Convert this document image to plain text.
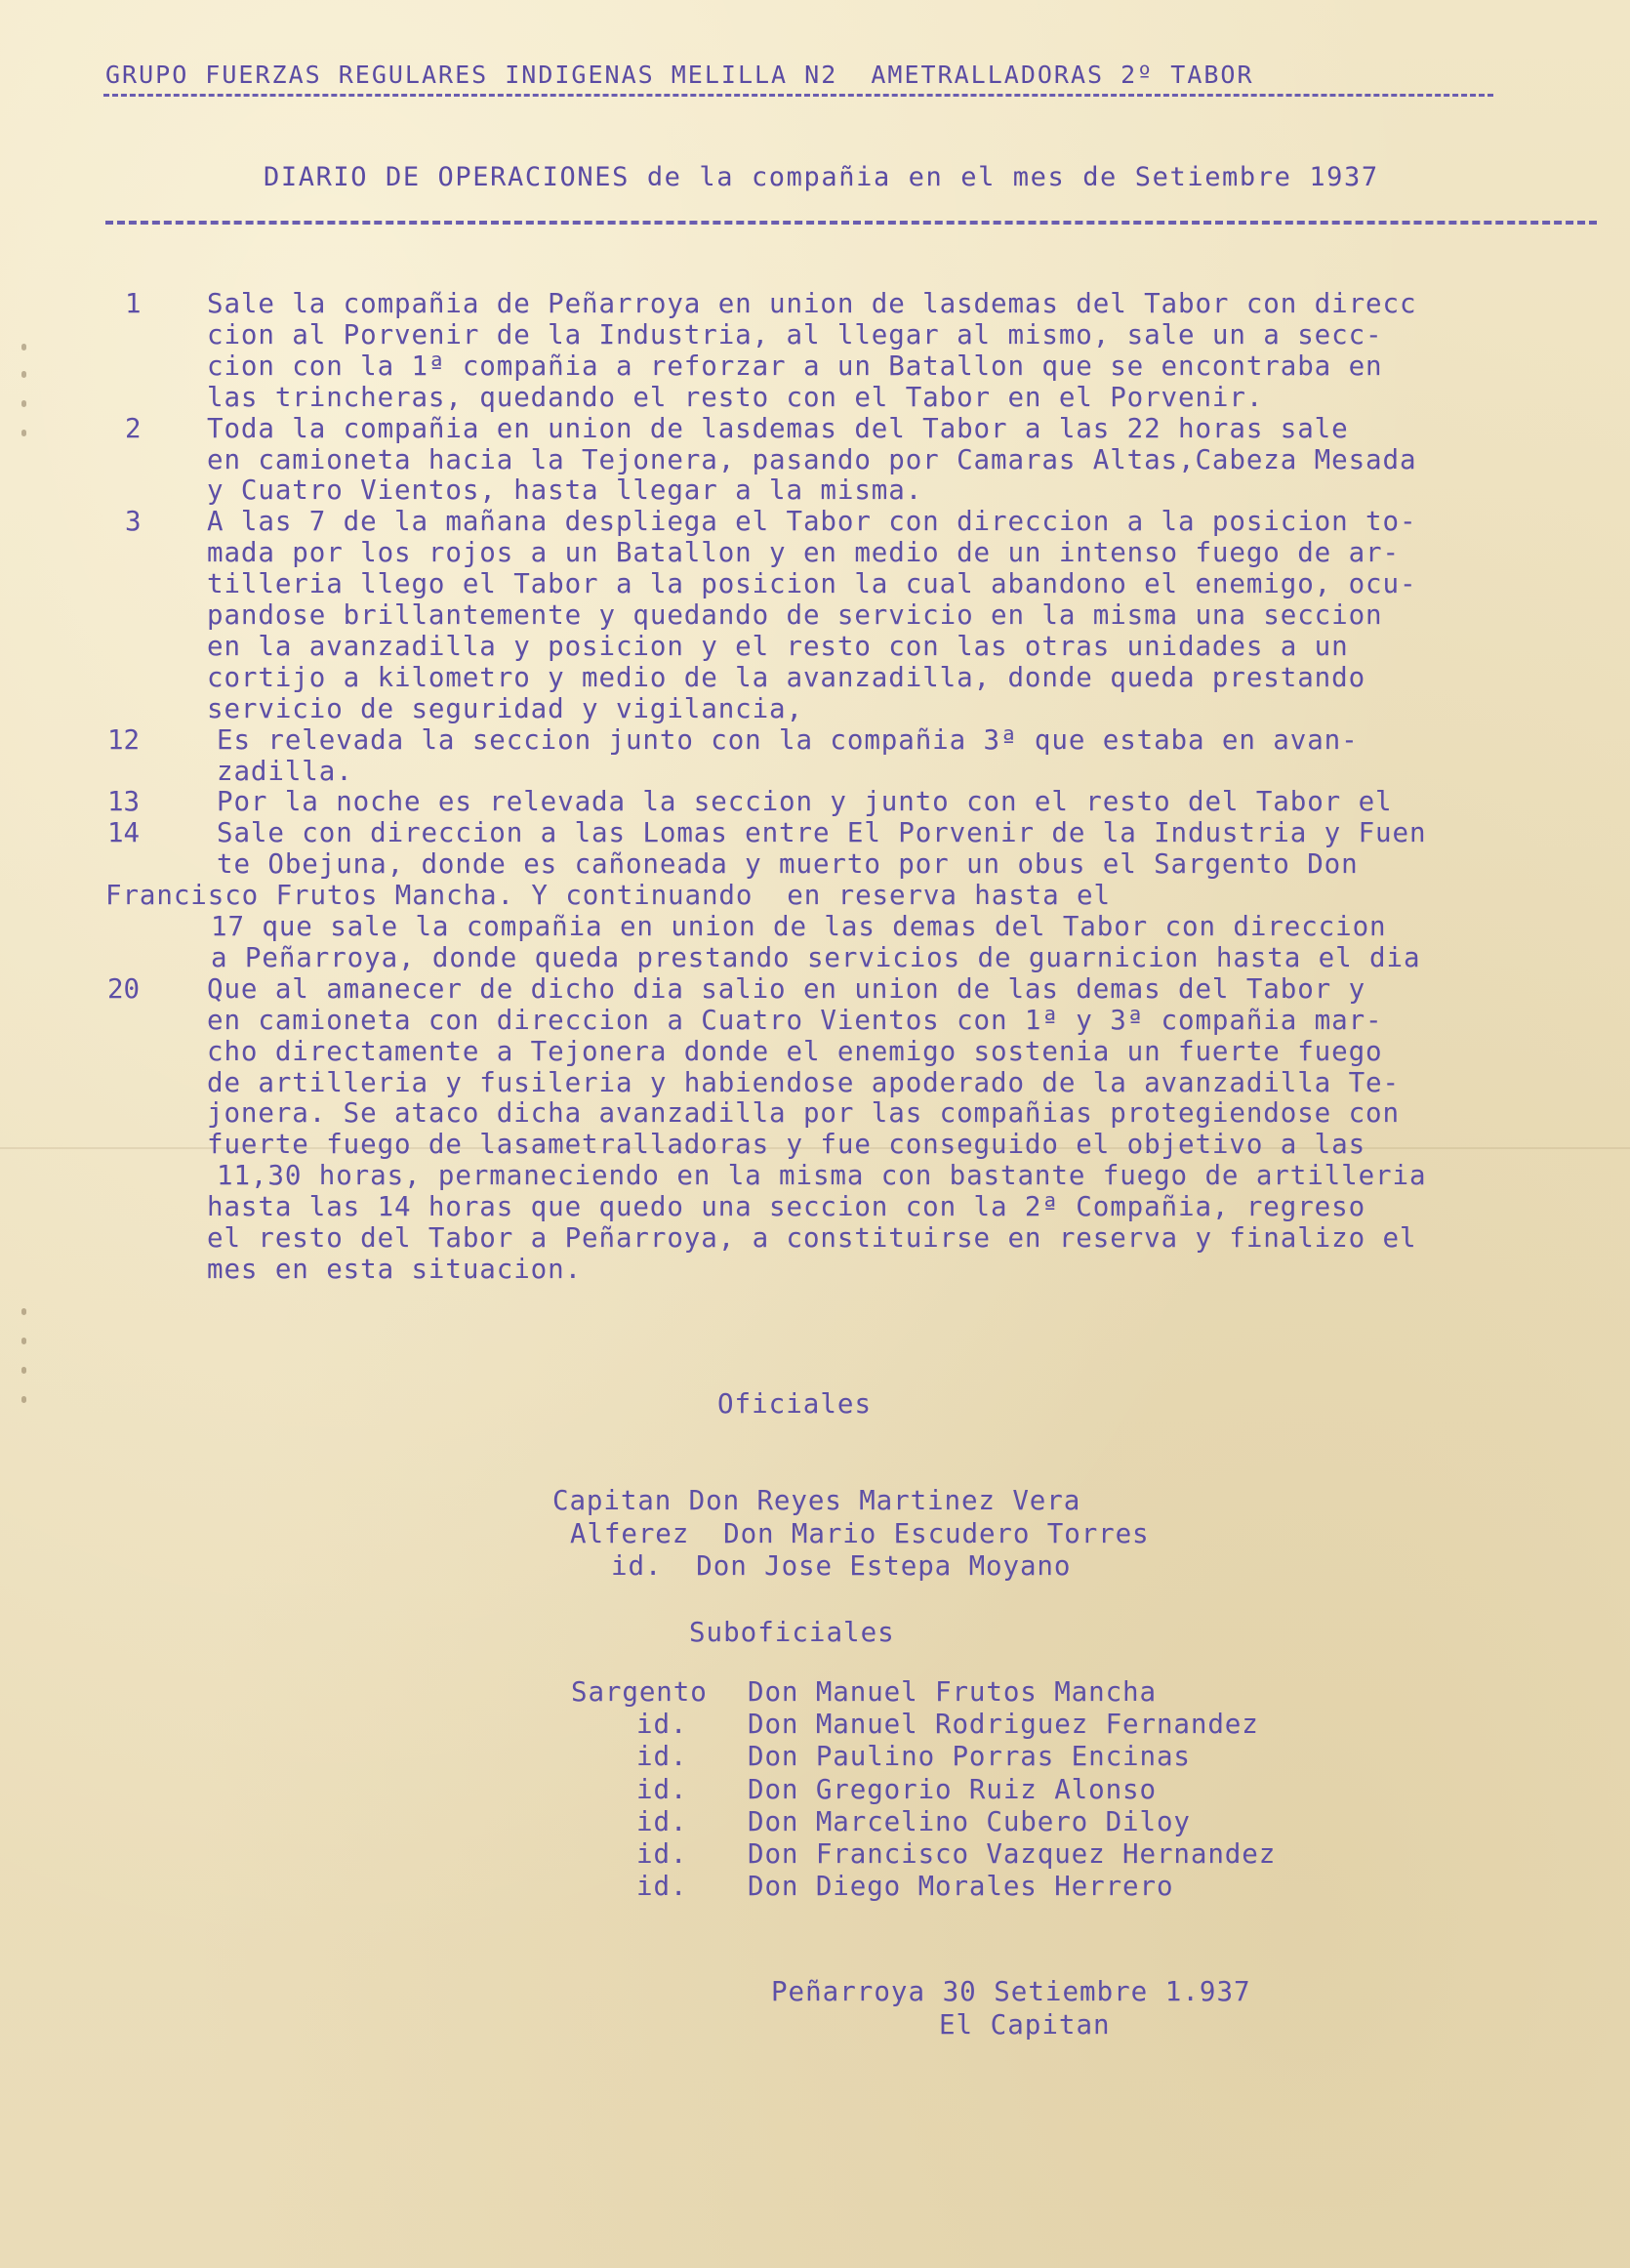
GRUPO FUERZAS REGULARES INDIGENAS MELILLA N2  AMETRALLADORAS 2º TABOR
DIARIO DE OPERACIONES de la compañia en el mes de Setiembre 1937
1 Sale la compañia de Peñarroya en union de lasdemas del Tabor con direcc
cion al Porvenir de la Industria, al llegar al mismo, sale un a secc-
cion con la 1ª compañia a reforzar a un Batallon que se encontraba en
las trincheras, quedando el resto con el Tabor en el Porvenir.
2 Toda la compañia en union de lasdemas del Tabor a las 22 horas sale
en camioneta hacia la Tejonera, pasando por Camaras Altas,Cabeza Mesada
y Cuatro Vientos, hasta llegar a la misma.
3 A las 7 de la mañana despliega el Tabor con direccion a la posicion to-
mada por los rojos a un Batallon y en medio de un intenso fuego de ar-
tilleria llego el Tabor a la posicion la cual abandono el enemigo, ocu-
pandose brillantemente y quedando de servicio en la misma una seccion
en la avanzadilla y posicion y el resto con las otras unidades a un
cortijo a kilometro y medio de la avanzadilla, donde queda prestando
servicio de seguridad y vigilancia,
12	Es relevada la seccion junto con la compañia 3ª que estaba en avan-
zadilla.
13	Por la noche es relevada la seccion y junto con el resto del Tabor el
14	Sale con direccion a las Lomas entre El Porvenir de la Industria y Fuen
te Obejuna, donde es cañoneada y muerto por un obus el Sargento Don
Francisco Frutos Mancha. Y continuando  en reserva hasta el
17 que sale la compañia en union de las demas del Tabor con direccion
a Peñarroya, donde queda prestando servicios de guarnicion hasta el dia
20	Que al amanecer de dicho dia salio en union de las demas del Tabor y
en camioneta con direccion a Cuatro Vientos con 1ª y 3ª compañia mar-
cho directamente a Tejonera donde el enemigo sostenia un fuerte fuego
de artilleria y fusileria y habiendose apoderado de la avanzadilla Te-
jonera. Se ataco dicha avanzadilla por las compañias protegiendose con
fuerte fuego de lasametralladoras y fue conseguido el objetivo a las
11,30 horas, permaneciendo en la misma con bastante fuego de artilleria
hasta las 14 horas que quedo una seccion con la 2ª Compañia, regreso
el resto del Tabor a Peñarroya, a constituirse en reserva y finalizo el
mes en esta situacion.
Oficiales
Capitan Don Reyes Martinez Vera
Alferez  Don Mario Escudero Torres
id.  Don Jose Estepa Moyano
Suboficiales
Sargento Don Manuel Frutos Mancha
id. Don Manuel Rodriguez Fernandez
id. Don Paulino Porras Encinas
id. Don Gregorio Ruiz Alonso
id. Don Marcelino Cubero Diloy
id. Don Francisco Vazquez Hernandez
id. Don Diego Morales Herrero
Peñarroya 30 Setiembre 1.937
El Capitan
